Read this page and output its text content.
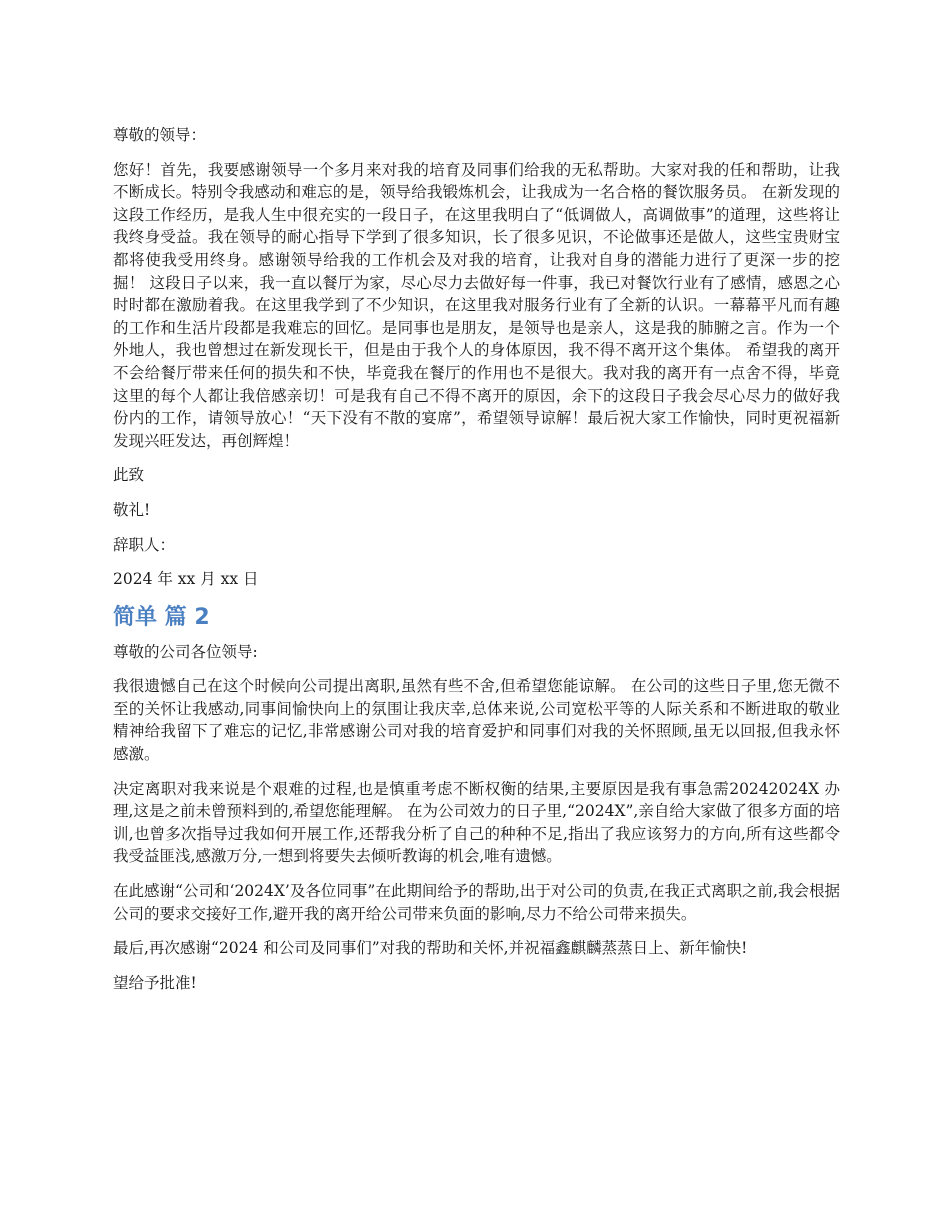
尊敬的领导：

您好！首先，我要感谢领导一个多月来对我的培育及同事们给我的无私帮助。大家对我的任和帮助，让我不断成长。特别令我感动和难忘的是，领导给我锻炼机会，让我成为一名合格的餐饮服务员。 在新发现的这段工作经历，是我人生中很充实的一段日子，在这里我明白了“低调做人，高调做事”的道理，这些将让我终身受益。我在领导的耐心指导下学到了很多知识，长了很多见识，不论做事还是做人，这些宝贵财宝都将使我受用终身。感谢领导给我的工作机会及对我的培育，让我对自身的潜能力进行了更深一步的挖掘！ 这段日子以来，我一直以餐厅为家，尽心尽力去做好每一件事，我已对餐饮行业有了感情，感恩之心时时都在激励着我。在这里我学到了不少知识，在这里我对服务行业有了全新的认识。一幕幕平凡而有趣的工作和生活片段都是我难忘的回忆。是同事也是朋友，是领导也是亲人，这是我的肺腑之言。作为一个外地人，我也曾想过在新发现长干，但是由于我个人的身体原因，我不得不离开这个集体。 希望我的离开不会给餐厅带来任何的损失和不快，毕竟我在餐厅的作用也不是很大。我对我的离开有一点舍不得，毕竟这里的每个人都让我倍感亲切！可是我有自己不得不离开的原因，余下的这段日子我会尽心尽力的做好我份内的工作，请领导放心！“天下没有不散的宴席”，希望领导谅解！最后祝大家工作愉快，同时更祝福新发现兴旺发达，再创辉煌！

此致

敬礼!

辞职人：

2024 年 xx 月 xx 日

简单 篇 2

尊敬的公司各位领导:

我很遗憾自己在这个时候向公司提出离职,虽然有些不舍,但希望您能谅解。 在公司的这些日子里,您无微不至的关怀让我感动,同事间愉快向上的氛围让我庆幸,总体来说,公司宽松平等的人际关系和不断进取的敬业精神给我留下了难忘的记忆,非常感谢公司对我的培育爱护和同事们对我的关怀照顾,虽无以回报,但我永怀感激。

决定离职对我来说是个艰难的过程,也是慎重考虑不断权衡的结果,主要原因是我有事急需20242024X 办理,这是之前未曾预料到的,希望您能理解。 在为公司效力的日子里,“2024X”,亲自给大家做了很多方面的培训,也曾多次指导过我如何开展工作,还帮我分析了自己的种种不足,指出了我应该努力的方向,所有这些都令我受益匪浅,感激万分,一想到将要失去倾听教诲的机会,唯有遗憾。

在此感谢“公司和‘2024X’及各位同事”在此期间给予的帮助,出于对公司的负责,在我正式离职之前,我会根据公司的要求交接好工作,避开我的离开给公司带来负面的影响,尽力不给公司带来损失。

最后,再次感谢“2024 和公司及同事们”对我的帮助和关怀,并祝福鑫麒麟蒸蒸日上、新年愉快!

望给予批准!
